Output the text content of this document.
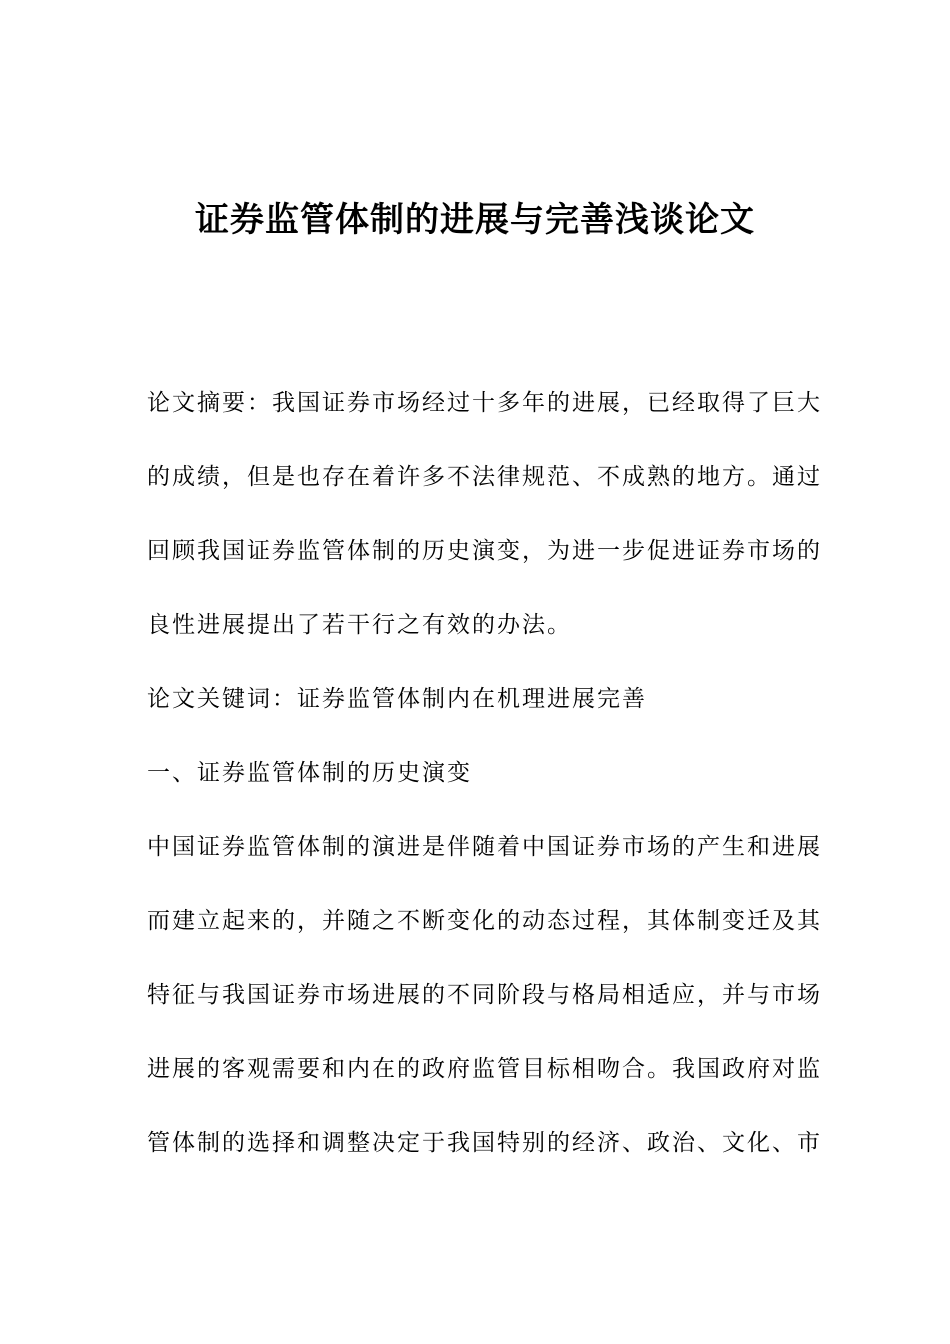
证券监管体制的进展与完善浅谈论文
论文摘要：我国证券市场经过十多年的进展，已经取得了巨大
的成绩，但是也存在着许多不法律规范、不成熟的地方。通过
回顾我国证券监管体制的历史演变，为进一步促进证券市场的
良性进展提出了若干行之有效的办法。
论文关键词：证券监管体制内在机理进展完善
一、证券监管体制的历史演变
中国证券监管体制的演进是伴随着中国证券市场的产生和进展
而建立起来的，并随之不断变化的动态过程，其体制变迁及其
特征与我国证券市场进展的不同阶段与格局相适应，并与市场
进展的客观需要和内在的政府监管目标相吻合。我国政府对监
管体制的选择和调整决定于我国特别的经济、政治、文化、市
